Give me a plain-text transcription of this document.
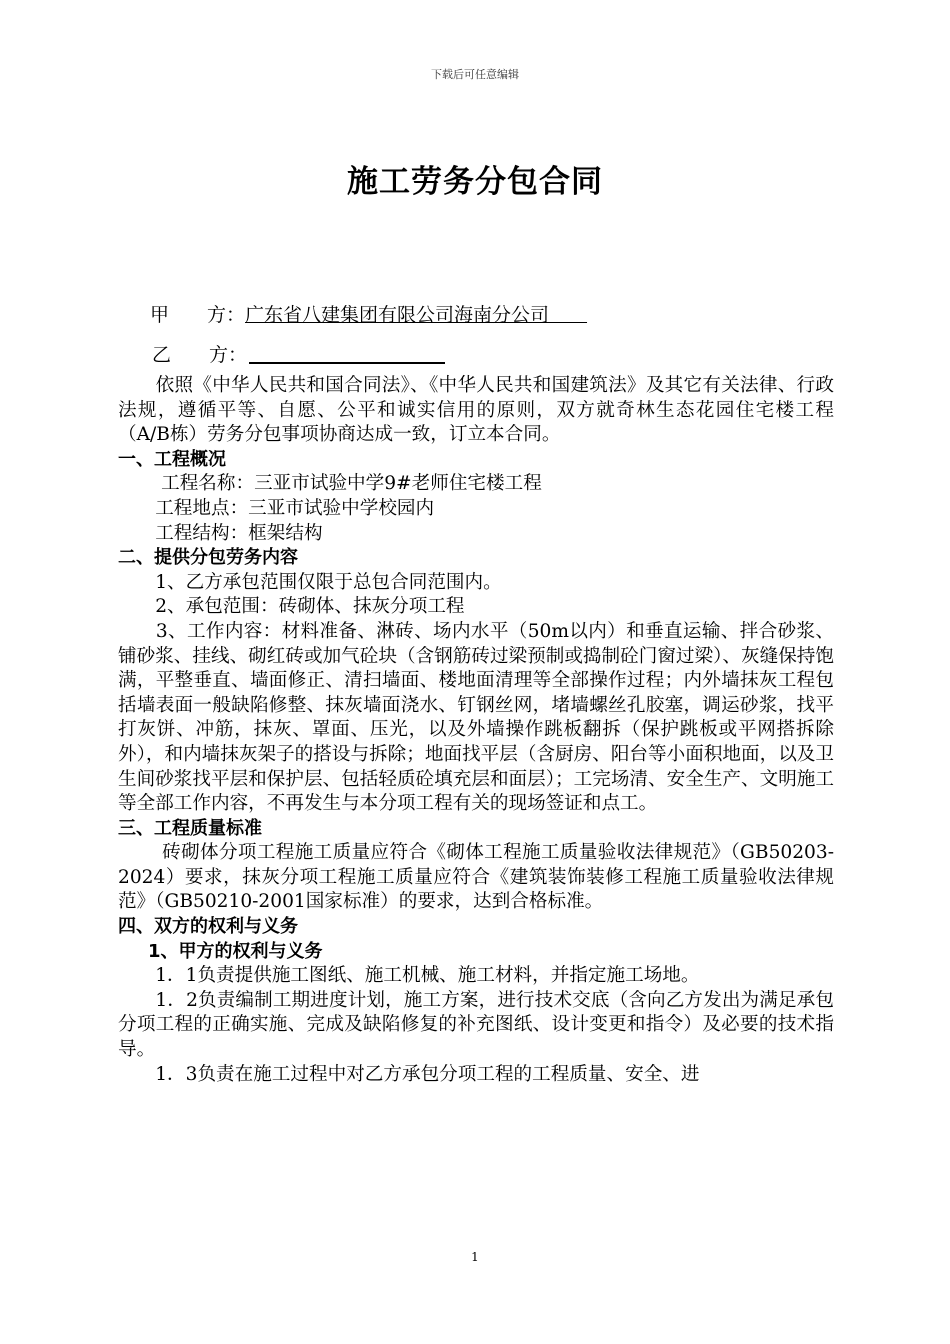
下载后可任意编辑
施工劳务分包合同
甲　　方：广东省八建集团有限公司海南分公司　　
乙　　方：

　　依照《中华人民共和国合同法》、《中华人民共和国建筑法》及其它有关法律、行政法规，遵循平等、自愿、公平和诚实信用的原则，双方就奇林生态花园住宅楼工程（A/B栋）劳务分包事项协商达成一致，订立本合同。

一、工程概况

　　 工程名称：三亚市试验中学9#老师住宅楼工程

　　工程地点：三亚市试验中学校园内

　　工程结构：框架结构

二、提供分包劳务内容

　　1、乙方承包范围仅限于总包合同范围内。

　　2、承包范围：砖砌体、抹灰分项工程

　　3、工作内容：材料准备、淋砖、场内水平（50m以内）和垂直运输、拌合砂浆、铺砂浆、挂线、砌红砖或加气砼块（含钢筋砖过梁预制或捣制砼门窗过梁）、灰缝保持饱满，平整垂直、墙面修正、清扫墙面、楼地面清理等全部操作过程；内外墙抹灰工程包括墙表面一般缺陷修整、抹灰墙面浇水、钉钢丝网，堵墙螺丝孔胶塞，调运砂浆，找平打灰饼、冲筋，抹灰、罩面、压光，以及外墙操作跳板翻拆（保护跳板或平网搭拆除外），和内墙抹灰架子的搭设与拆除；地面找平层（含厨房、阳台等小面积地面，以及卫生间砂浆找平层和保护层、包括轻质砼填充层和面层）；工完场清、安全生产、文明施工等全部工作内容，不再发生与本分项工程有关的现场签证和点工。

三、工程质量标准

　　 砖砌体分项工程施工质量应符合《砌体工程施工质量验收法律规范》（GB50203-2024）要求，抹灰分项工程施工质量应符合《建筑装饰装修工程施工质量验收法律规范》（GB50210-2001国家标准）的要求，达到合格标准。

四、双方的权利与义务

1、甲方的权利与义务

　　1．1负责提供施工图纸、施工机械、施工材料，并指定施工场地。

　　1．2负责编制工期进度计划，施工方案，进行技术交底（含向乙方发出为满足承包分项工程的正确实施、完成及缺陷修复的补充图纸、设计变更和指令）及必要的技术指导。

　　1．3负责在施工过程中对乙方承包分项工程的工程质量、安全、进

1
